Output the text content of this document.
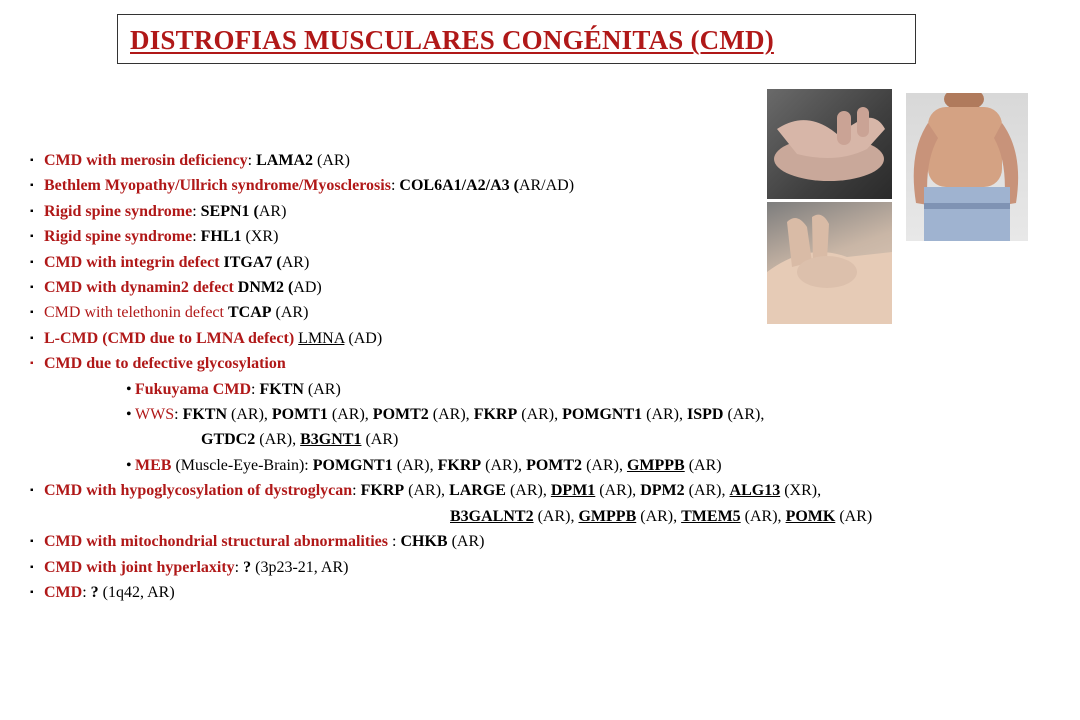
DISTROFIAS MUSCULARES CONGÉNITAS (CMD)
▪ CMD with merosin deficiency: LAMA2 (AR)
▪ Bethlem Myopathy/Ullrich syndrome/Myosclerosis: COL6A1/A2/A3 (AR/AD)
▪ Rigid spine syndrome: SEPN1 (AR)
▪ Rigid spine syndrome: FHL1 (XR)
▪ CMD with integrin defect ITGA7 (AR)
▪ CMD with dynamin2 defect DNM2 (AD)
▪ CMD with telethonin defect TCAP (AR)
▪ L-CMD (CMD due to LMNA defect) LMNA (AD)
▪ CMD due to defective glycosylation
• Fukuyama CMD: FKTN (AR)
• WWS: FKTN (AR), POMT1 (AR), POMT2 (AR), FKRP (AR), POMGNT1 (AR), ISPD (AR),
GTDC2 (AR), B3GNT1 (AR)
• MEB (Muscle-Eye-Brain): POMGNT1 (AR), FKRP (AR), POMT2 (AR), GMPPB (AR)
▪ CMD with hypoglycosylation of dystroglycan: FKRP (AR), LARGE (AR), DPM1 (AR), DPM2 (AR), ALG13 (XR),
B3GALNT2 (AR), GMPPB (AR), TMEM5 (AR), POMK (AR)
▪ CMD with mitochondrial structural abnormalities : CHKB (AR)
▪ CMD with joint hyperlaxity: ? (3p23-21, AR)
▪ CMD: ? (1q42, AR)
